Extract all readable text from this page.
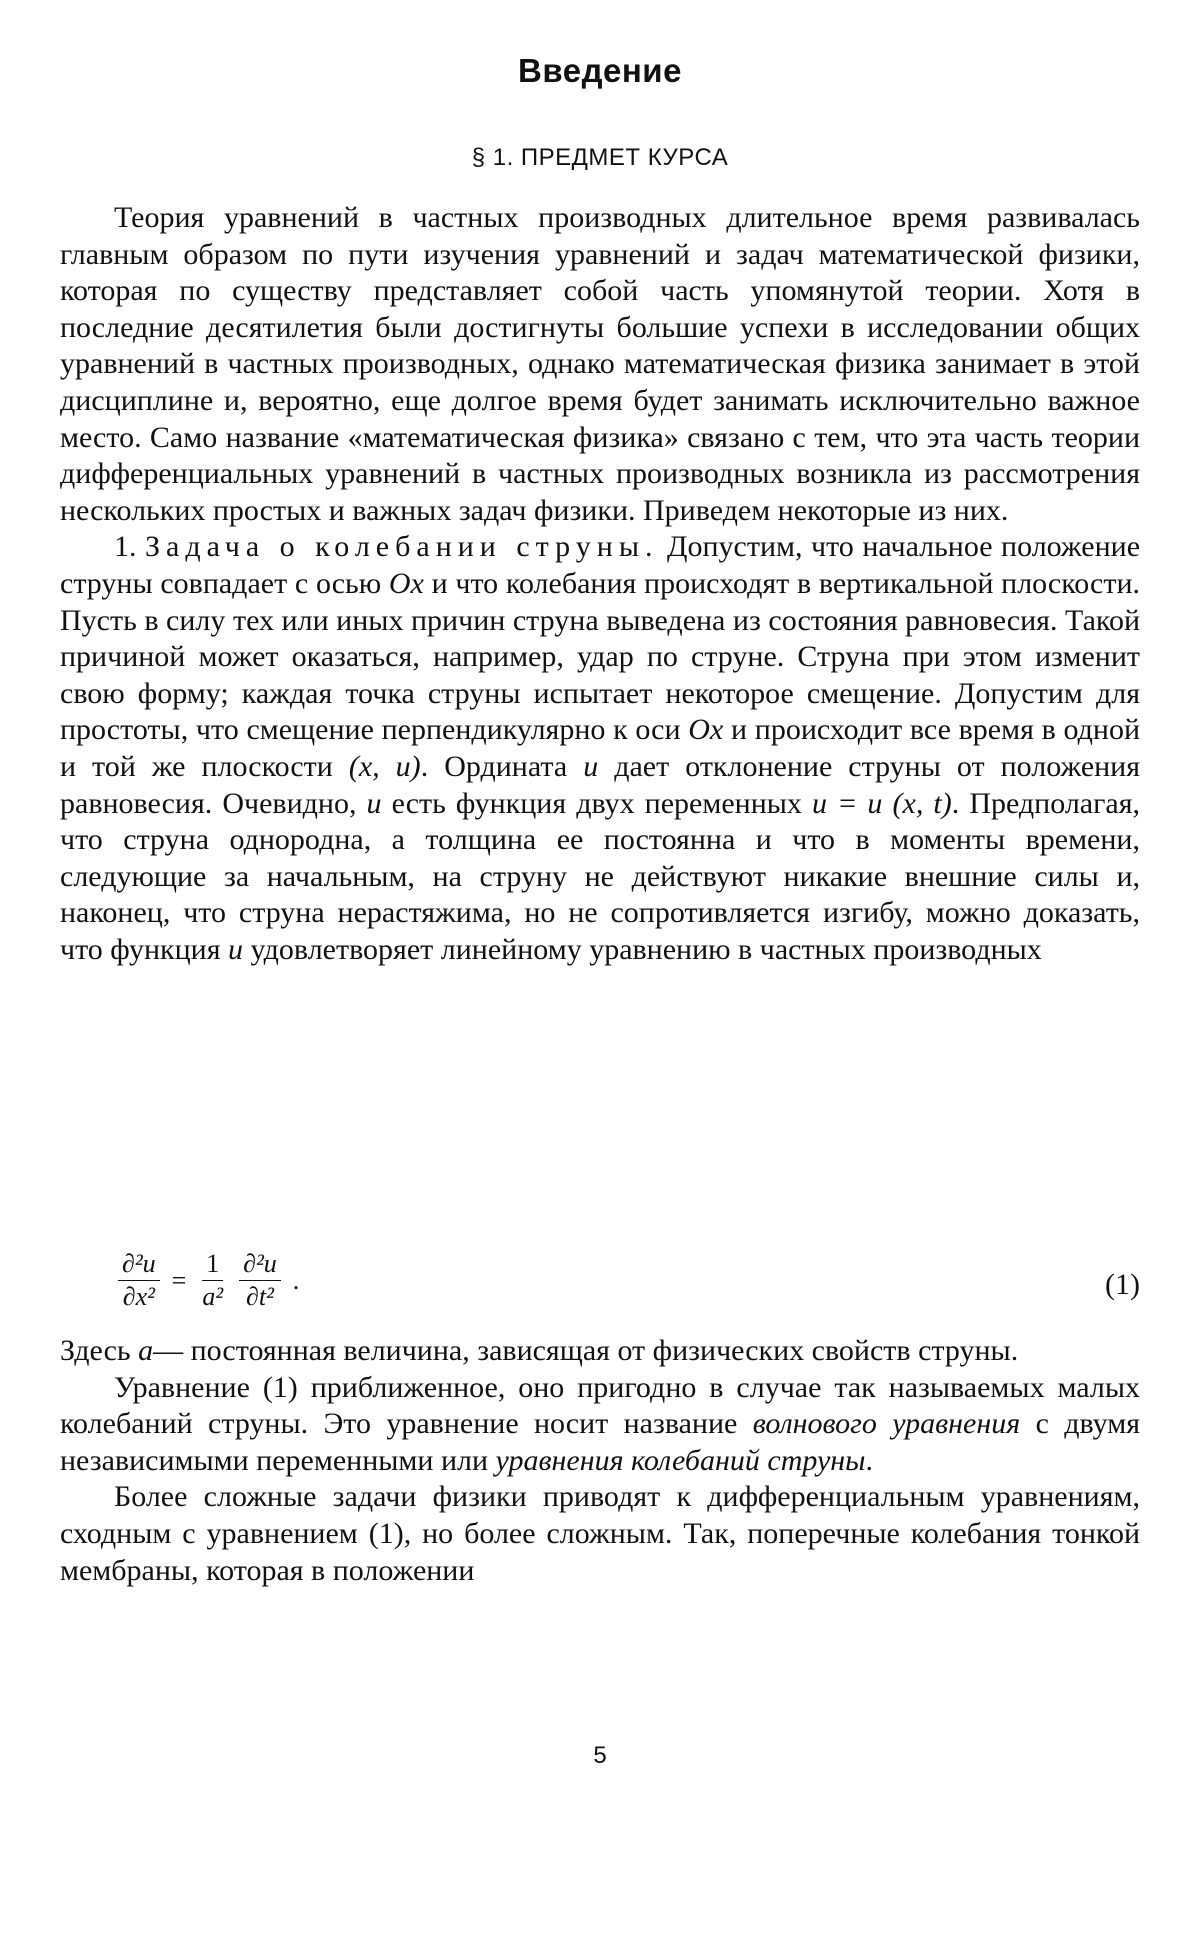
Введение
§ 1. ПРЕДМЕТ КУРСА

Теория уравнений в частных производных длительное время развивалась главным образом по пути изучения уравнений и задач математической физики, которая по существу представляет собой часть упомянутой теории. Хотя в последние десятилетия были достигнуты большие успехи в исследовании общих уравнений в частных производных, однако математическая физика занимает в этой дисциплине и, вероятно, еще долгое время будет занимать исключительно важное место. Само название «математическая физика» связано с тем, что эта часть теории дифференциальных уравнений в частных производных возникла из рассмотрения нескольких простых и важных задач физики. Приведем некоторые из них.

1. Задача о колебании струны. Допустим, что начальное положение струны совпадает с осью Ox и что колебания происходят в вертикальной плоскости. Пусть в силу тех или иных причин струна выведена из состояния равновесия. Такой причиной может оказаться, например, удар по струне. Струна при этом изменит свою форму; каждая точка струны испытает некоторое смещение. Допустим для простоты, что смещение перпендикулярно к оси Ox и происходит все время в одной и той же плоскости (x, u). Ордината u дает отклонение струны от положения равновесия. Очевидно, u есть функция двух переменных u = u (x, t). Предполагая, что струна однородна, а толщина ее постоянна и что в моменты времени, следующие за начальным, на струну не действуют никакие внешние силы и, наконец, что струна нерастяжима, но не сопротивляется изгибу, можно доказать, что функция u удовлетворяет линейному уравнению в частных производных

$\frac{\text{∂²u}}{\text{∂x²}} = \frac{1}{\text{a²}} \frac{\text{∂²u}}{\text{∂t²}}$ .	(1)

Здесь a— постоянная величина, зависящая от физических свойств струны.

Уравнение (1) приближенное, оно пригодно в случае так называемых малых колебаний струны. Это уравнение носит название волнового уравнения с двумя независимыми переменными или уравнения колебаний струны.

Более сложные задачи физики приводят к дифференциальным уравнениям, сходным с уравнением (1), но более сложным. Так, поперечные колебания тонкой мембраны, которая в положении

5
